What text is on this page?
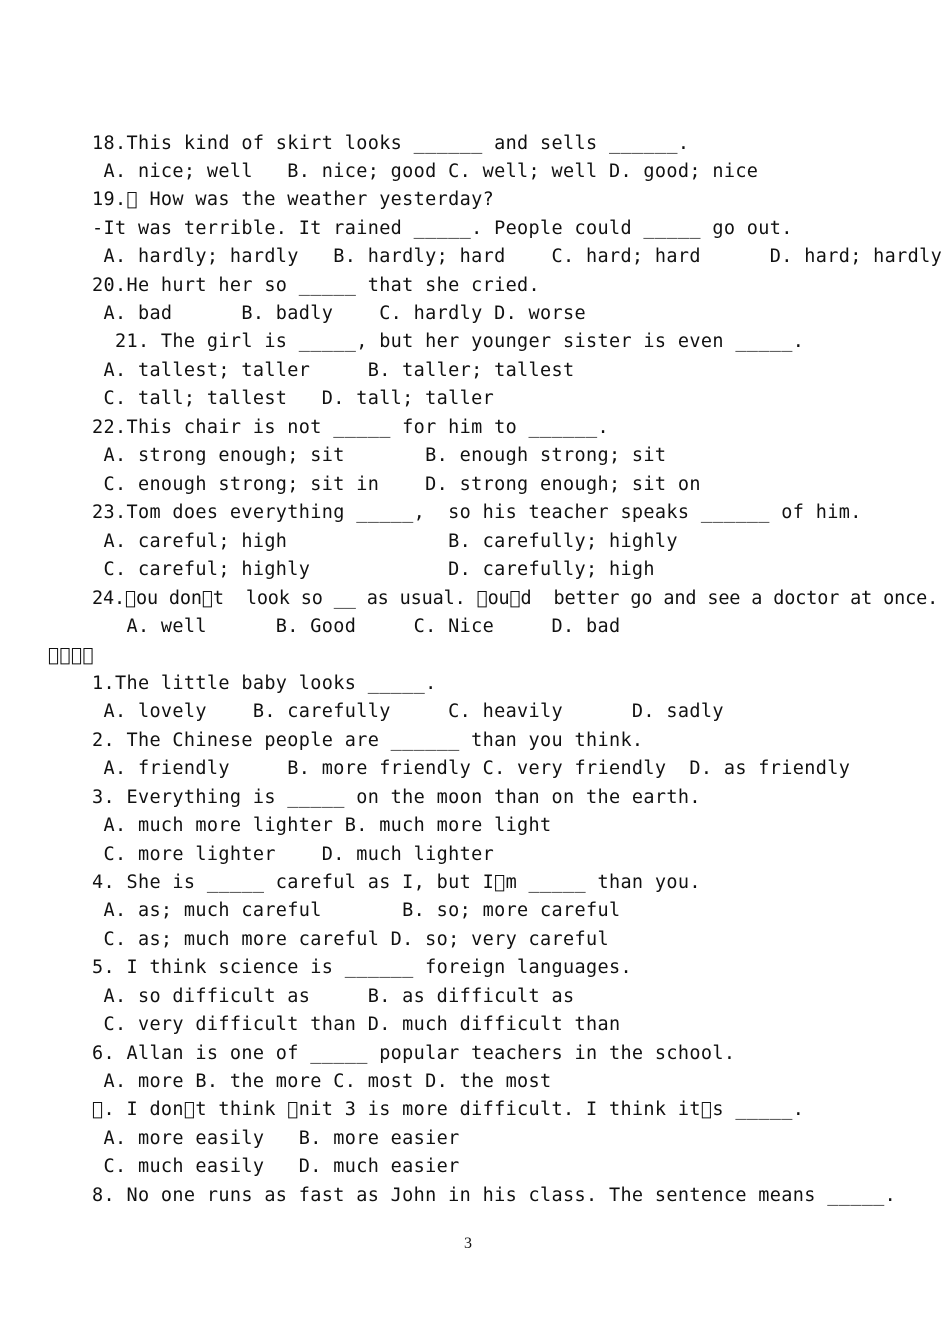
18.This kind of skirt looks ______ and sells ______.
A. nice; well   B. nice; good C. well; well D. good; nice
19.  How was the weather yesterday?
-It was terrible. It rained _____. People could _____ go out.
A. hardly; hardly   B. hardly; hard    C. hard; hard      D. hard; hardly
20.He hurt her so _____ that she cried.
A. bad      B. badly    C. hardly D. worse
21. The girl is _____, but her younger sister is even _____.
A. tallest; taller     B. taller; tallest
C. tall; tallest   D. tall; taller
22.This chair is not _____ for him to ______.
A. strong enough; sit       B. enough strong; sit
C. enough strong; sit in    D. strong enough; sit on
23.Tom does everything _____,  so his teacher speaks ______ of him.
A. careful; high              B. carefully; highly
C. careful; highly            D. carefully; high
24. ou don t  look so __ as usual.  ou d  better go and see a doctor at once.
A. well      B. Good     C. Nice     D. bad
    
1.The little baby looks _____.
A. lovely    B. carefully     C. heavily      D. sadly
2. The Chinese people are ______ than you think.
A. friendly     B. more friendly C. very friendly  D. as friendly
3. Everything is _____ on the moon than on the earth.
A. much more lighter B. much more light
C. more lighter    D. much lighter
4. She is _____ careful as I, but I m _____ than you.
A. as; much careful       B. so; more careful
C. as; much more careful D. so; very careful
5. I think science is ______ foreign languages.
A. so difficult as     B. as difficult as
C. very difficult than D. much difficult than
6. Allan is one of _____ popular teachers in the school.
A. more B. the more C. most D. the most
 . I don t think  nit 3 is more difficult. I think it s _____.
A. more easily   B. more easier
C. much easily   D. much easier
8. No one runs as fast as John in his class. The sentence means _____.
3
